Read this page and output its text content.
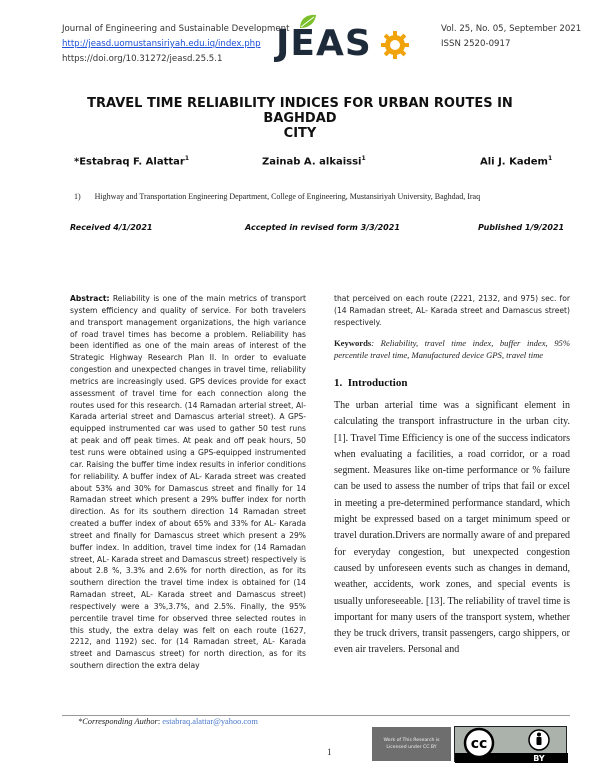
Journal of Engineering and Sustainable Development
http://jeasd.uomustansiriyah.edu.iq/index.php
https://doi.org/10.31272/jeasd.25.5.1	JEAS	Vol. 25, No. 05, September 2021
ISSN 2520-0917
TRAVEL TIME RELIABILITY INDICES FOR URBAN ROUTES IN BAGHDAD
CITY
*Estabraq F. Alattar$^1$	Zainab A. alkaissi$^1$	Ali J. Kadem$^1$
1) Highway and Transportation Engineering Department, College of Engineering, Mustansiriyah University, Baghdad, Iraq
Received 4/1/2021	Accepted in revised form 3/3/2021	Published 1/9/2021
Abstract: Reliability is one of the main metrics of transport system efficiency and quality of service. For both travelers and transport management organizations, the high variance of road travel times has become a problem. Reliability has been identified as one of the main areas of interest of the Strategic Highway Research Plan II. In order to evaluate congestion and unexpected changes in travel time, reliability metrics are increasingly used. GPS devices provide for exact assessment of travel time for each connection along the routes used for this research. (14 Ramadan arterial street, Al-Karada arterial street and Damascus arterial street). A GPS-equipped instrumented car was used to gather 50 test runs at peak and off peak times. At peak and off peak hours, 50 test runs were obtained using a GPS-equipped instrumented car. Raising the buffer time index results in inferior conditions for reliability. A buffer index of AL- Karada street was created about 53% and 30% for Damascus street and finally for 14 Ramadan street which present a 29% buffer index for north direction. As for its southern direction 14 Ramadan street created a buffer index of about 65% and 33% for AL- Karada street and finally for Damascus street which present a 29% buffer index. In addition, travel time index for (14 Ramadan street, AL- Karada street and Damascus street) respectively is about 2.8 %, 3.3% and 2.6% for north direction, as for its southern direction the travel time index is obtained for (14 Ramadan street, AL- Karada street and Damascus street) respectively were a 3%,3.7%, and 2.5%. Finally, the 95% percentile travel time for observed three selected routes in this study, the extra delay was felt on each route (1627, 2212, and 1192) sec. for (14 Ramadan street, AL- Karada street and Damascus street) for north direction, as for its southern direction the extra delay
that perceived on each route (2221, 2132, and 975) sec. for (14 Ramadan street, AL- Karada street and Damascus street) respectively.
Keywords: Reliability, travel time index, buffer index, 95% percentile travel time, Manufactured device GPS, travel time
1. Introduction
The urban arterial time was a significant element in calculating the transport infrastructure in the urban city. [1]. Travel Time Efficiency is one of the success indicators when evaluating a facilities, a road corridor, or a road segment. Measures like on-time performance or % failure can be used to assess the number of trips that fail or excel in meeting a pre-determined performance standard, which might be expressed based on a target minimum speed or travel duration.Drivers are normally aware of and prepared for everyday congestion, but unexpected congestion caused by unforeseen events such as changes in demand, weather, accidents, work zones, and special events is usually unforeseeable. [13]. The reliability of travel time is important for many users of the transport system, whether they be truck drivers, transit passengers, cargo shippers, or even air travelers. Personal and
*Corresponding Author: estabraq.alattar@yahoo.com
1
Work of This Research is
Licensed under CC BY	cc
BY
